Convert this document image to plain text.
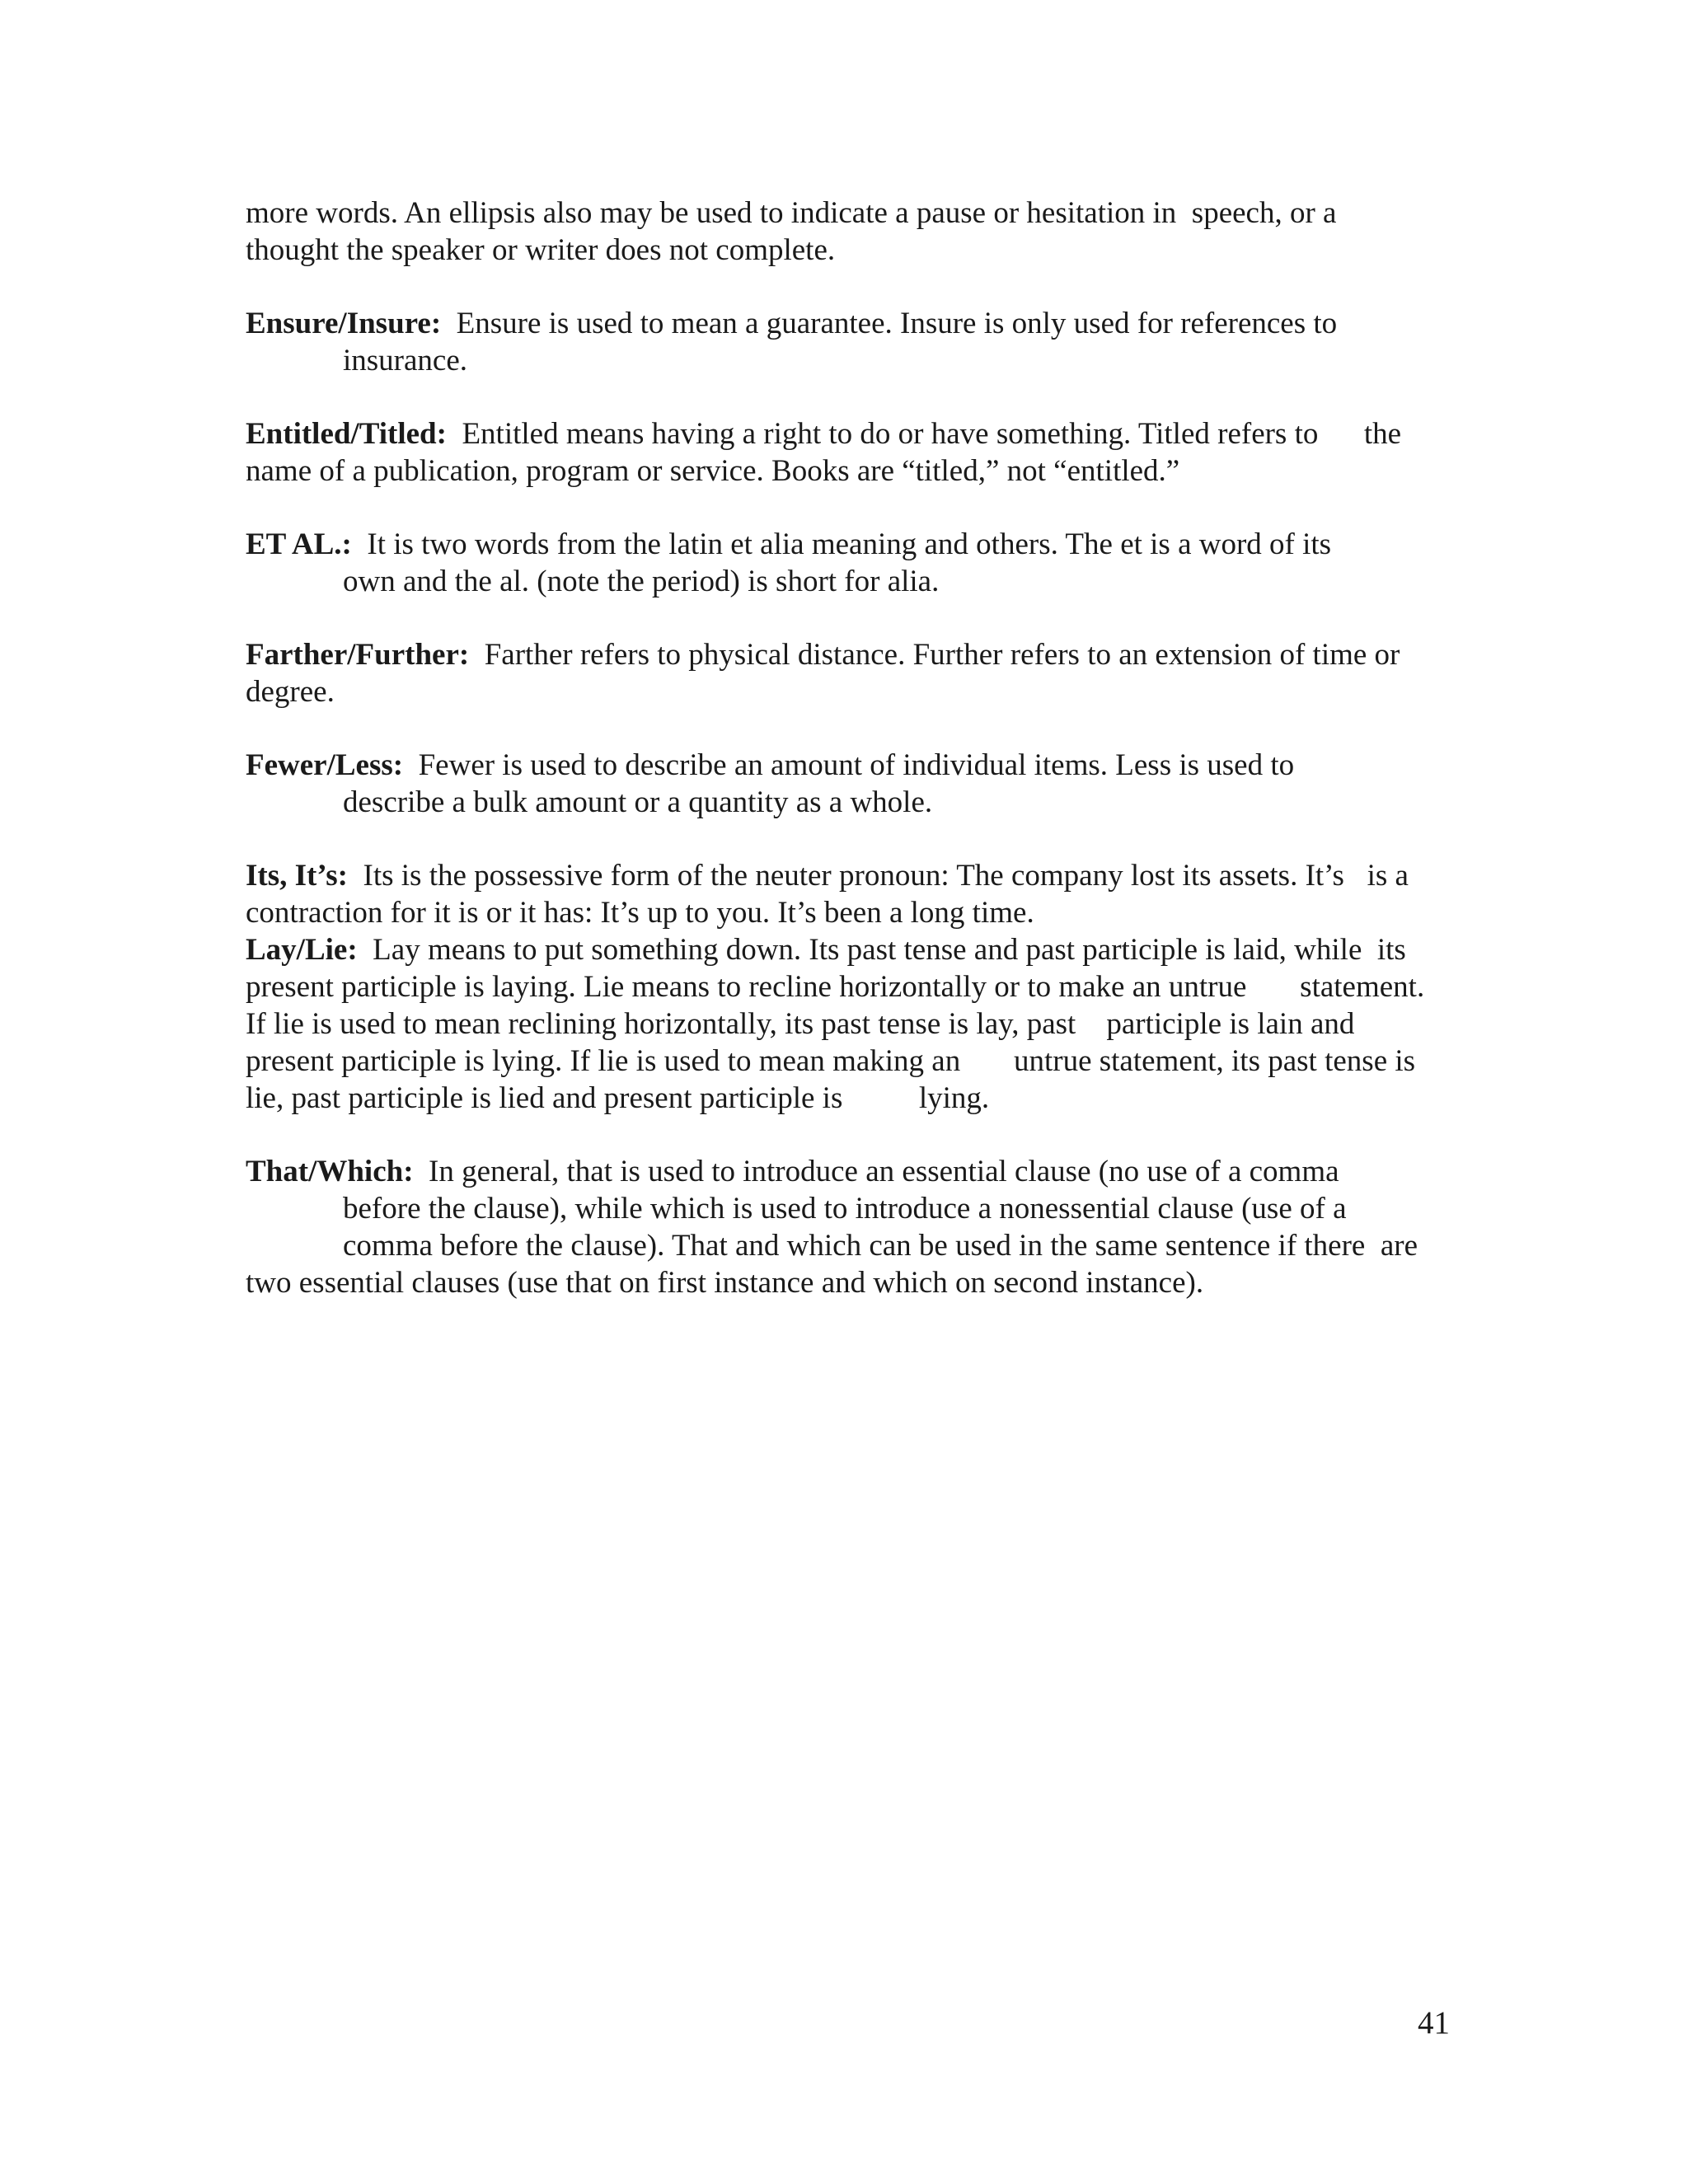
more words. An ellipsis also may be used to indicate a pause or hesitation in  speech, or a
thought the speaker or writer does not complete.
Ensure/Insure:  Ensure is used to mean a guarantee. Insure is only used for references to
insurance.
Entitled/Titled:  Entitled means having a right to do or have something. Titled refers to      the
name of a publication, program or service. Books are “titled,” not “entitled.”
ET AL.:  It is two words from the latin et alia meaning and others. The et is a word of its
own and the al. (note the period) is short for alia.
Farther/Further:  Farther refers to physical distance. Further refers to an extension of time or
degree.
Fewer/Less:  Fewer is used to describe an amount of individual items. Less is used to
describe a bulk amount or a quantity as a whole.
Its, It’s:  Its is the possessive form of the neuter pronoun: The company lost its assets. It’s   is a
contraction for it is or it has: It’s up to you. It’s been a long time.
Lay/Lie:  Lay means to put something down. Its past tense and past participle is laid, while  its
present participle is laying. Lie means to recline horizontally or to make an untrue       statement.
If lie is used to mean reclining horizontally, its past tense is lay, past    participle is lain and
present participle is lying. If lie is used to mean making an       untrue statement, its past tense is
lie, past participle is lied and present participle is          lying.
That/Which:  In general, that is used to introduce an essential clause (no use of a comma
before the clause), while which is used to introduce a nonessential clause (use of a
comma before the clause). That and which can be used in the same sentence if there  are
two essential clauses (use that on first instance and which on second instance).
41
